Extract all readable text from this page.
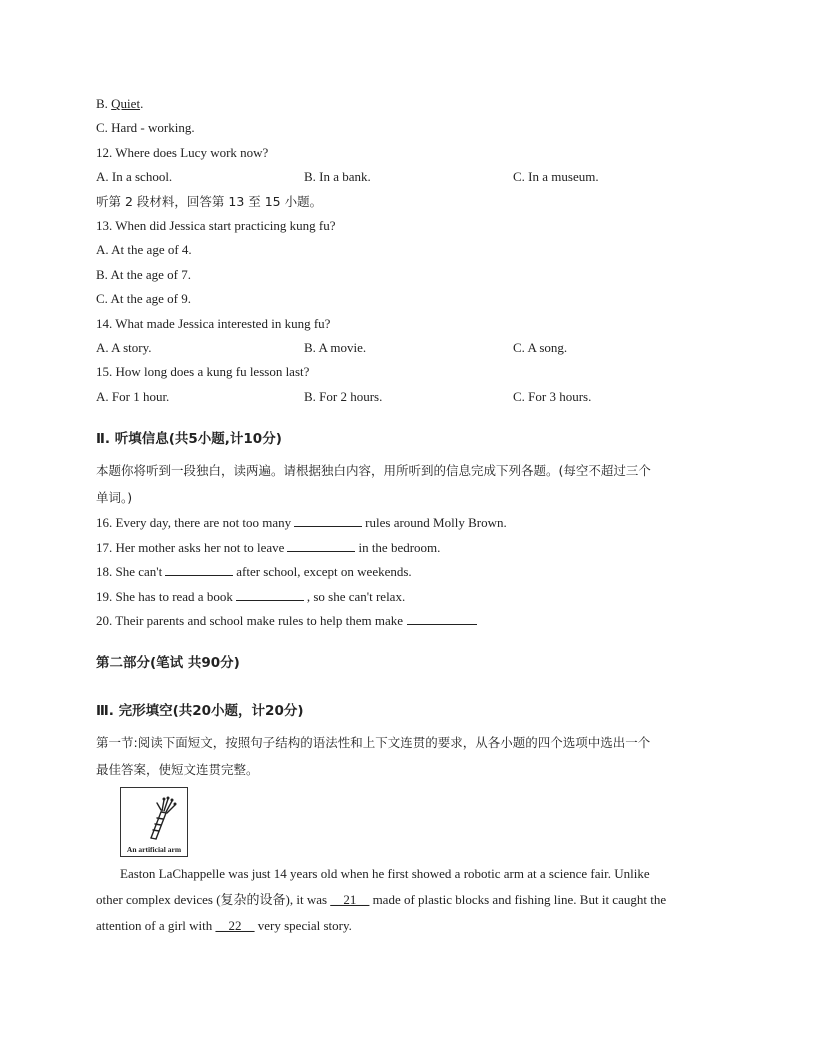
B. Quiet.
C. Hard - working.
12. Where does Lucy work now?
A. In a school.	B. In a bank.	C. In a museum.
听第 2 段材料，回答第 13 至 15 小题。
13. When did Jessica start practicing kung fu?
A. At the age of 4.
B. At the age of 7.
C. At the age of 9.
14. What made Jessica interested in kung fu?
A. A story.	B. A movie.	C. A song.
15. How long does a kung fu lesson last?
A. For 1 hour.	B. For 2 hours.	C. For 3 hours.
Ⅱ. 听填信息(共5小题,计10分)
本题你将听到一段独白，读两遍。请根据独白内容，用所听到的信息完成下列各题。(每空不超过三个
单词。)
16. Every day, there are not too many	rules around Molly Brown.
17. Her mother asks her not to leave	in the bedroom.
18. She can't	after school, except on weekends.
19. She has to read a book	, so she can't relax.
20. Their parents and school make rules to help them make
第二部分(笔试 共90分)
Ⅲ. 完形填空(共20小题，计20分)
第一节:阅读下面短文，按照句子结构的语法性和上下文连贯的要求，从各小题的四个选项中选出一个
最佳答案，使短文连贯完整。
An artificial arm

Easton LaChappelle was just 14 years old when he first showed a robotic arm at a science fair. Unlike

other complex devices (复杂的设备), it was __21__ made of plastic blocks and fishing line. But it caught the

attention of a girl with __22__ very special story.
